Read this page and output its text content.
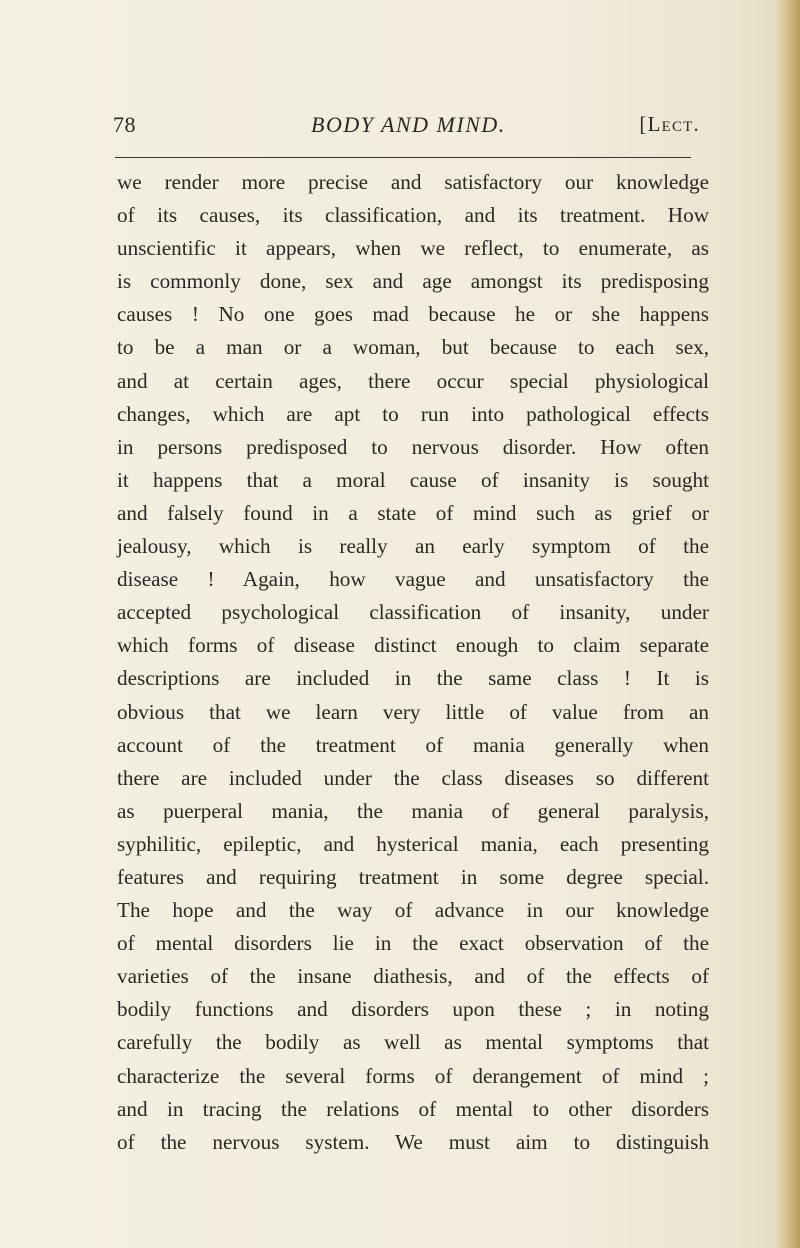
78	BODY AND MIND.	[Lect.
we render more precise and satisfactory our knowledge
of its causes, its classification, and its treatment. How
unscientific it appears, when we reflect, to enumerate, as
is commonly done, sex and age amongst its predisposing
causes ! No one goes mad because he or she happens
to be a man or a woman, but because to each sex,
and at certain ages, there occur special physiological
changes, which are apt to run into pathological effects
in persons predisposed to nervous disorder. How often
it happens that a moral cause of insanity is sought
and falsely found in a state of mind such as grief or
jealousy, which is really an early symptom of the
disease ! Again, how vague and unsatisfactory the
accepted psychological classification of insanity, under
which forms of disease distinct enough to claim separate
descriptions are included in the same class ! It is
obvious that we learn very little of value from an
account of the treatment of mania generally when
there are included under the class diseases so different
as puerperal mania, the mania of general paralysis,
syphilitic, epileptic, and hysterical mania, each presenting
features and requiring treatment in some degree special.
The hope and the way of advance in our knowledge
of mental disorders lie in the exact observation of the
varieties of the insane diathesis, and of the effects of
bodily functions and disorders upon these ; in noting
carefully the bodily as well as mental symptoms that
characterize the several forms of derangement of mind ;
and in tracing the relations of mental to other disorders
of the nervous system. We must aim to distinguish
